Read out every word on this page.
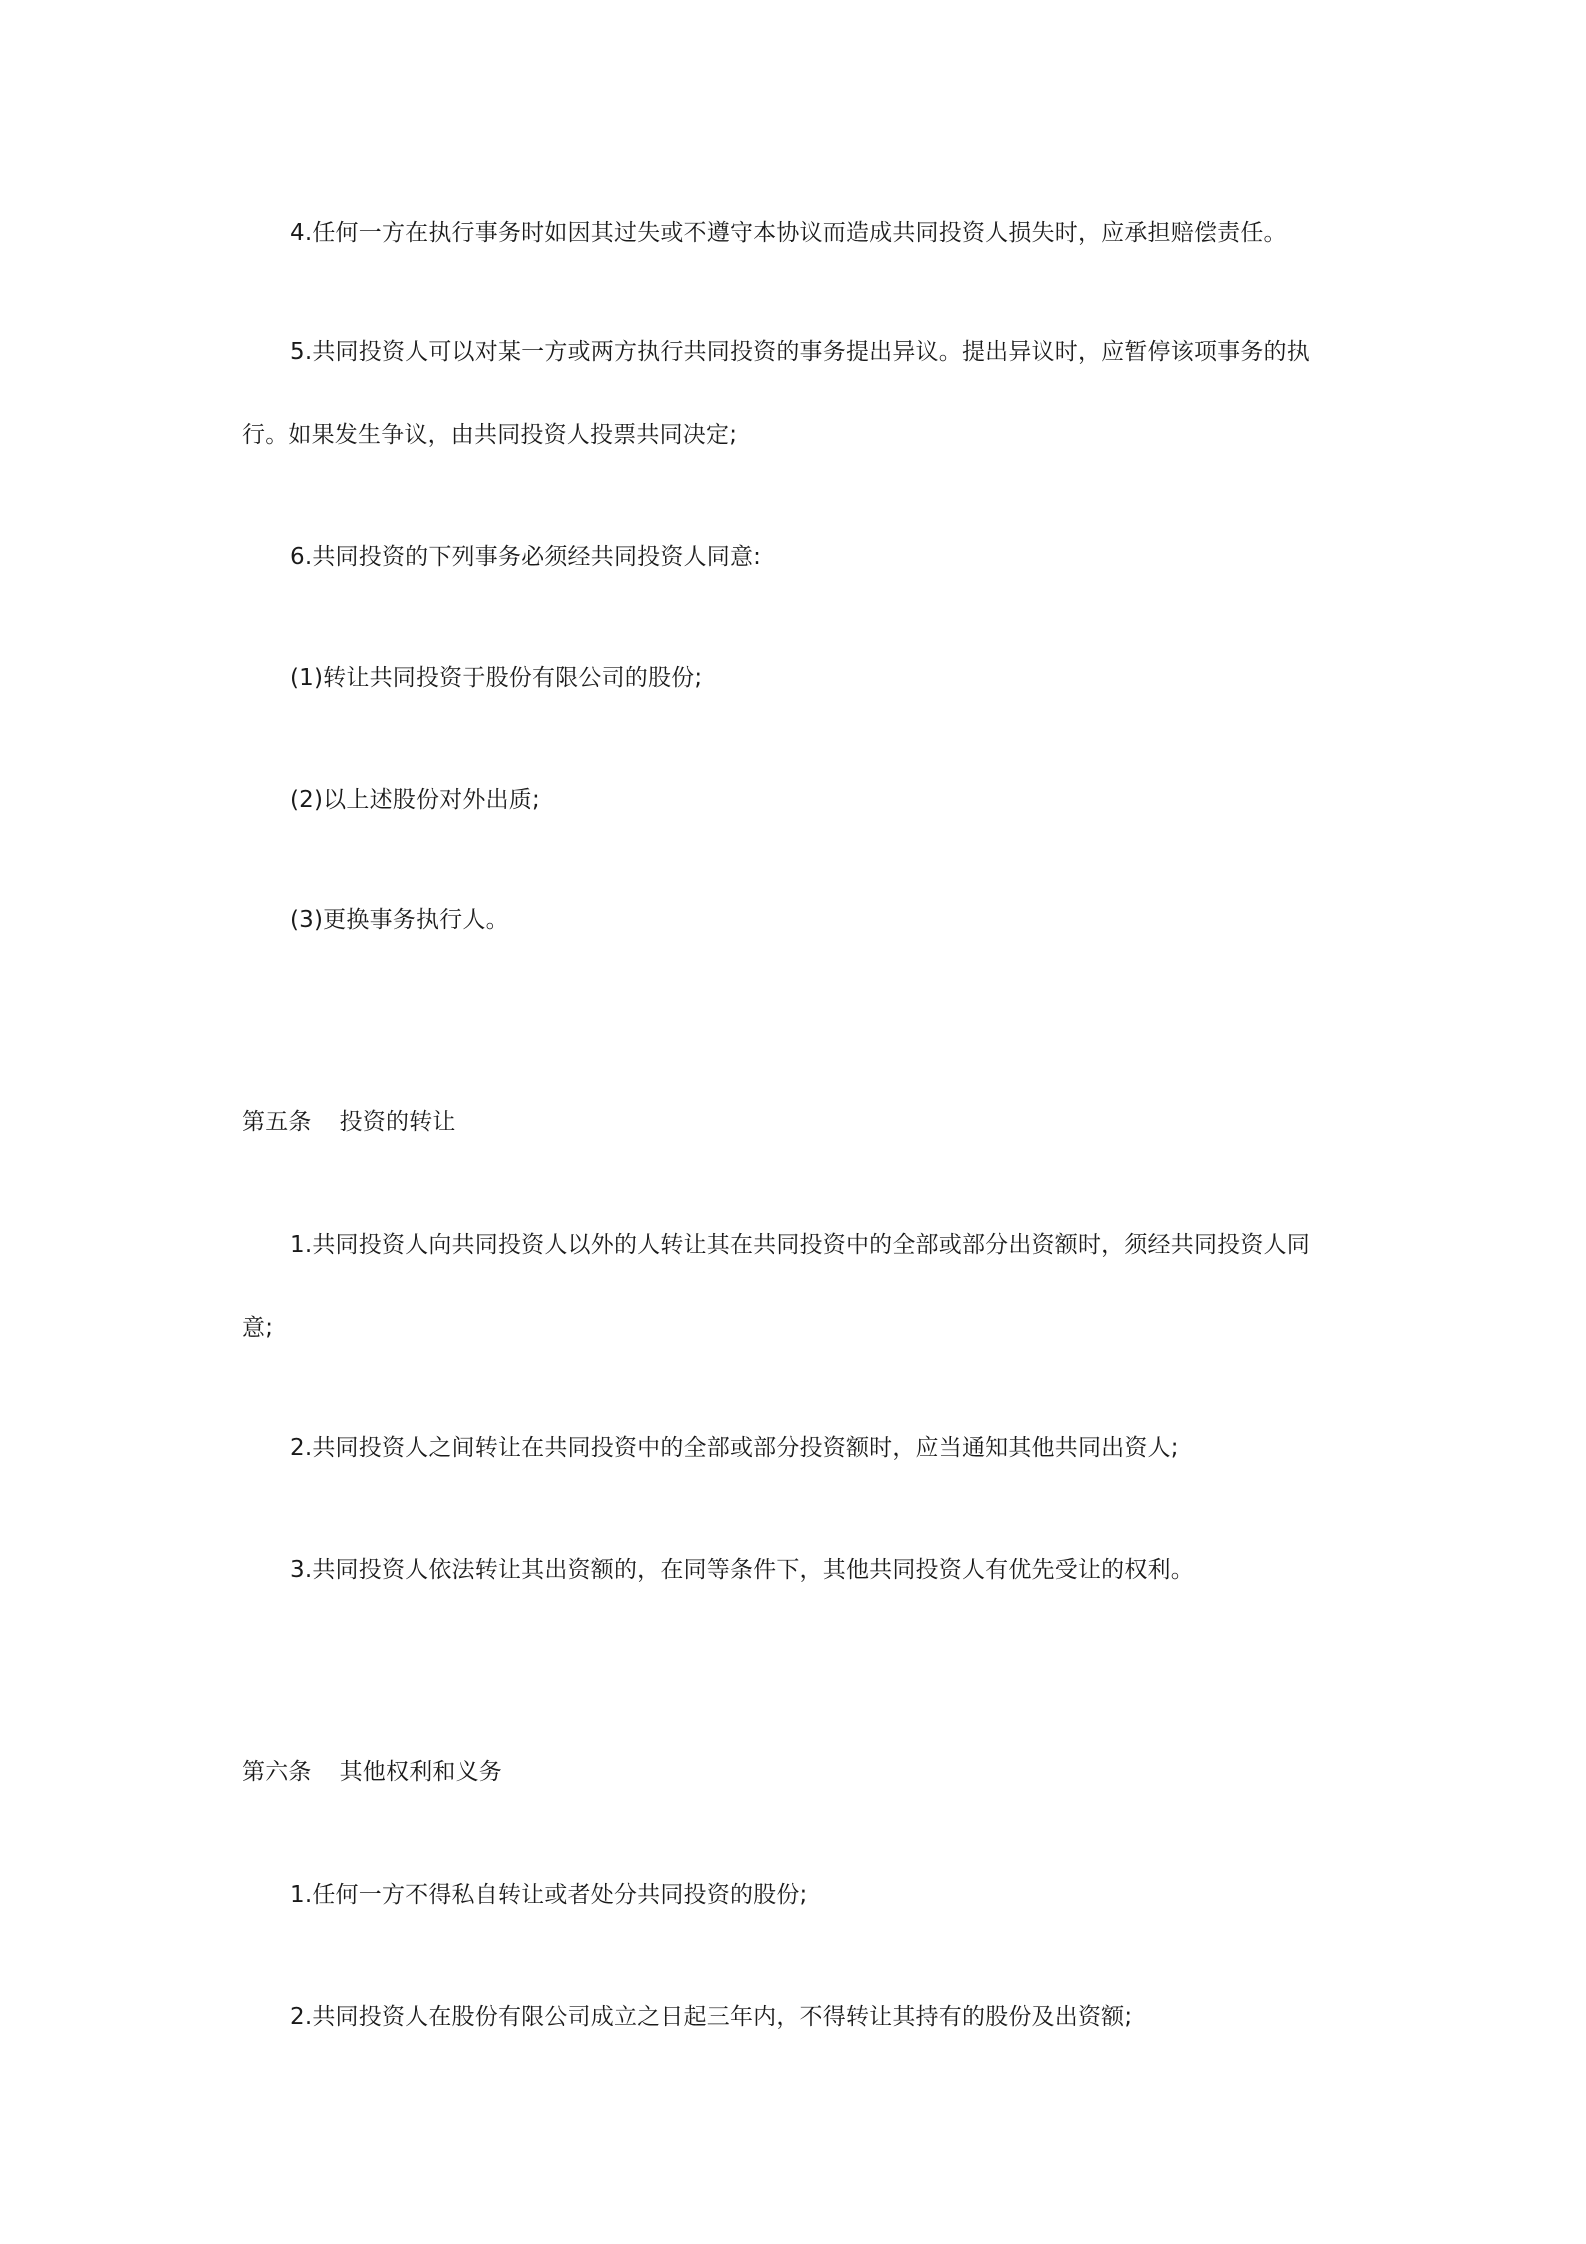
4.任何一方在执行事务时如因其过失或不遵守本协议而造成共同投资人损失时，应承担赔偿责任。
5.共同投资人可以对某一方或两方执行共同投资的事务提出异议。提出异议时，应暂停该项事务的执
行。如果发生争议，由共同投资人投票共同决定;
6.共同投资的下列事务必须经共同投资人同意:
(1)转让共同投资于股份有限公司的股份;
(2)以上述股份对外出质;
(3)更换事务执行人。
第五条 投资的转让
1.共同投资人向共同投资人以外的人转让其在共同投资中的全部或部分出资额时，须经共同投资人同
意;
2.共同投资人之间转让在共同投资中的全部或部分投资额时，应当通知其他共同出资人;
3.共同投资人依法转让其出资额的，在同等条件下，其他共同投资人有优先受让的权利。
第六条 其他权利和义务
1.任何一方不得私自转让或者处分共同投资的股份;
2.共同投资人在股份有限公司成立之日起三年内，不得转让其持有的股份及出资额;
